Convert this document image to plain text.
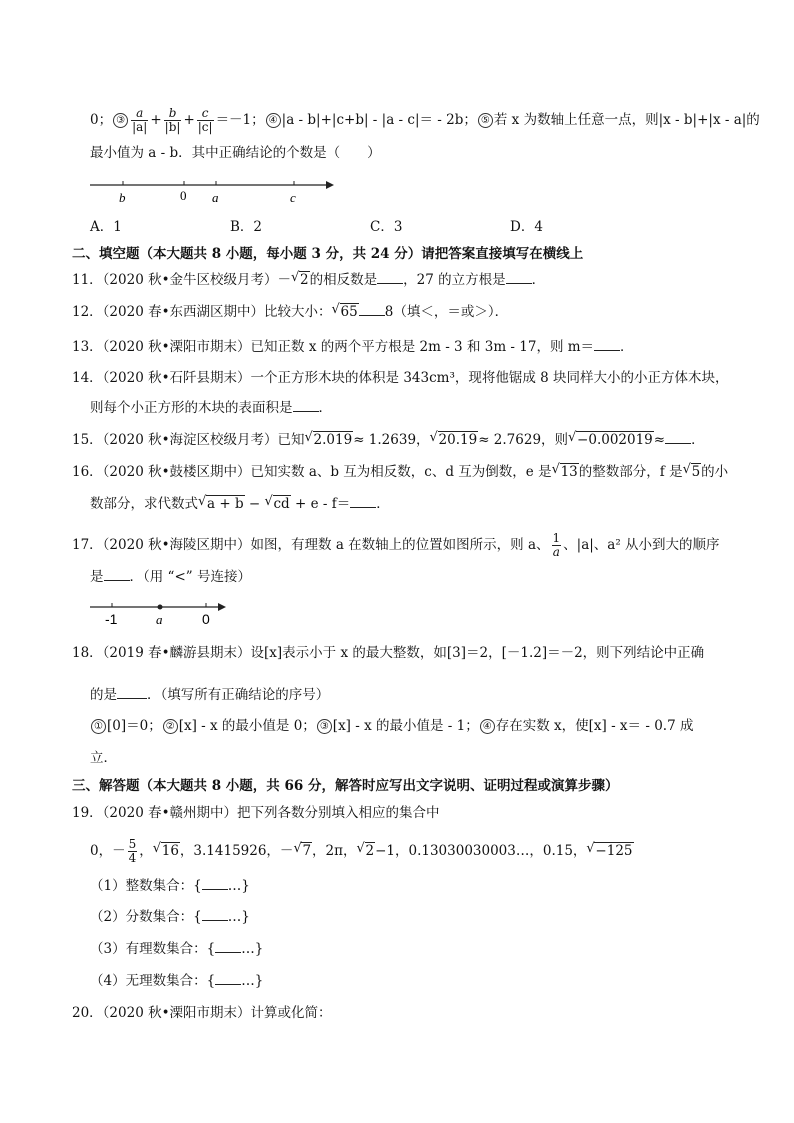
0； ③ $\frac{a}{|a|} + \frac{b}{|b|} + \frac{c}{|c|} =-1$； ④ |a - b|+|c+b| - |a - c|＝ - 2b； ⑤ 若 x 为数轴上任意一点，则|x - b|+|x - a|的
最小值为 a - b．其中正确结论的个数是（　　）
b	0 a	c
A．1	B．2	C．3	D．4
二、填空题（本大题共 8 小题，每小题 3 分，共 24 分）请把答案直接填写在横线上
11．（2020 秋•金牛区校级月考）－ √ 2的相反数是 ，27 的立方根是 ．
12．（2020 春•东西湖区期中）比较大小： √ 65 8（填＜，＝或＞）．
13．（2020 秋•溧阳市期末）已知正数 x 的两个平方根是 2m - 3 和 3m - 17，则 m＝ ．
14．（2020 秋•石阡县期末）一个正方形木块的体积是 343cm³，现将他锯成 8 块同样大小的小正方体木块，
则每个小正方形的木块的表面积是 ．
15．（2020 秋•海淀区校级月考）已知 √ 2.019≈ 1.2639， √ 20.19≈ 2.7629，则 √ −0.002019≈ ．
16．（2020 秋•鼓楼区期中）已知实数 a、b 互为相反数，c、d 互为倒数，e 是 √ 13的整数部分，f 是 √ 5的小
数部分，求代数式 √ a + b − √ cd + e - f＝ ．
17．（2020 秋•海陵区期中）如图，有理数 a 在数轴上的位置如图所示，则 a、 $\frac{1}{a}$ 、|a|、a² 从小到大的顺序
是 ．（用 “<” 号连接）
-1	a	0
18．（2019 春•麟游县期末）设[x]表示小于 x 的最大整数，如[3]＝2，[－1.2]＝－2，则下列结论中正确
的是 ．（填写所有正确结论的序号）
① [0]＝0； ② [x] - x 的最小值是 0； ③ [x] - x 的最小值是 - 1； ④ 存在实数 x，使[x] - x＝ - 0.7 成
立．
三、解答题（本大题共 8 小题，共 66 分，解答时应写出文字说明、证明过程或演算步骤）
19．（2020 春•赣州期中）把下列各数分别填入相应的集合中
0，－ $\frac{5}{4}$ ， √ 16，3.1415926，－ √ 7，2π， √ 2−1，0.13030030003…，0.15， √ −125
（1）整数集合：{ …}
（2）分数集合：{ …}
（3）有理数集合：{ …}
（4）无理数集合：{ …}
20．（2020 秋•溧阳市期末）计算或化简：
